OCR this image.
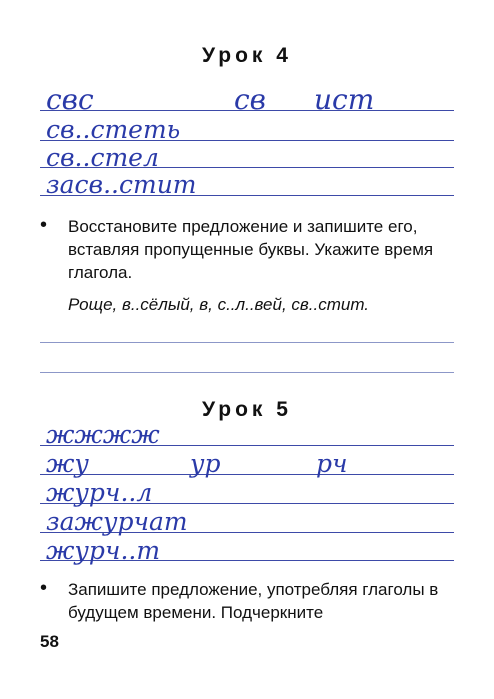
Урок 4
свс	св ист
св..стеть
св..стел
засв..стит
• Восстановите предложение и запишите его, вставляя пропущенные буквы. Укажите время глагола.
Роще, в..сёлый, в, с..л..вей, св..стит.
Урок 5
жжжж
жу	ур	рч
журч..л
зажурчат
журч..т
• Запишите предложение, употребляя глаголы в будущем времени. Подчеркните
58
